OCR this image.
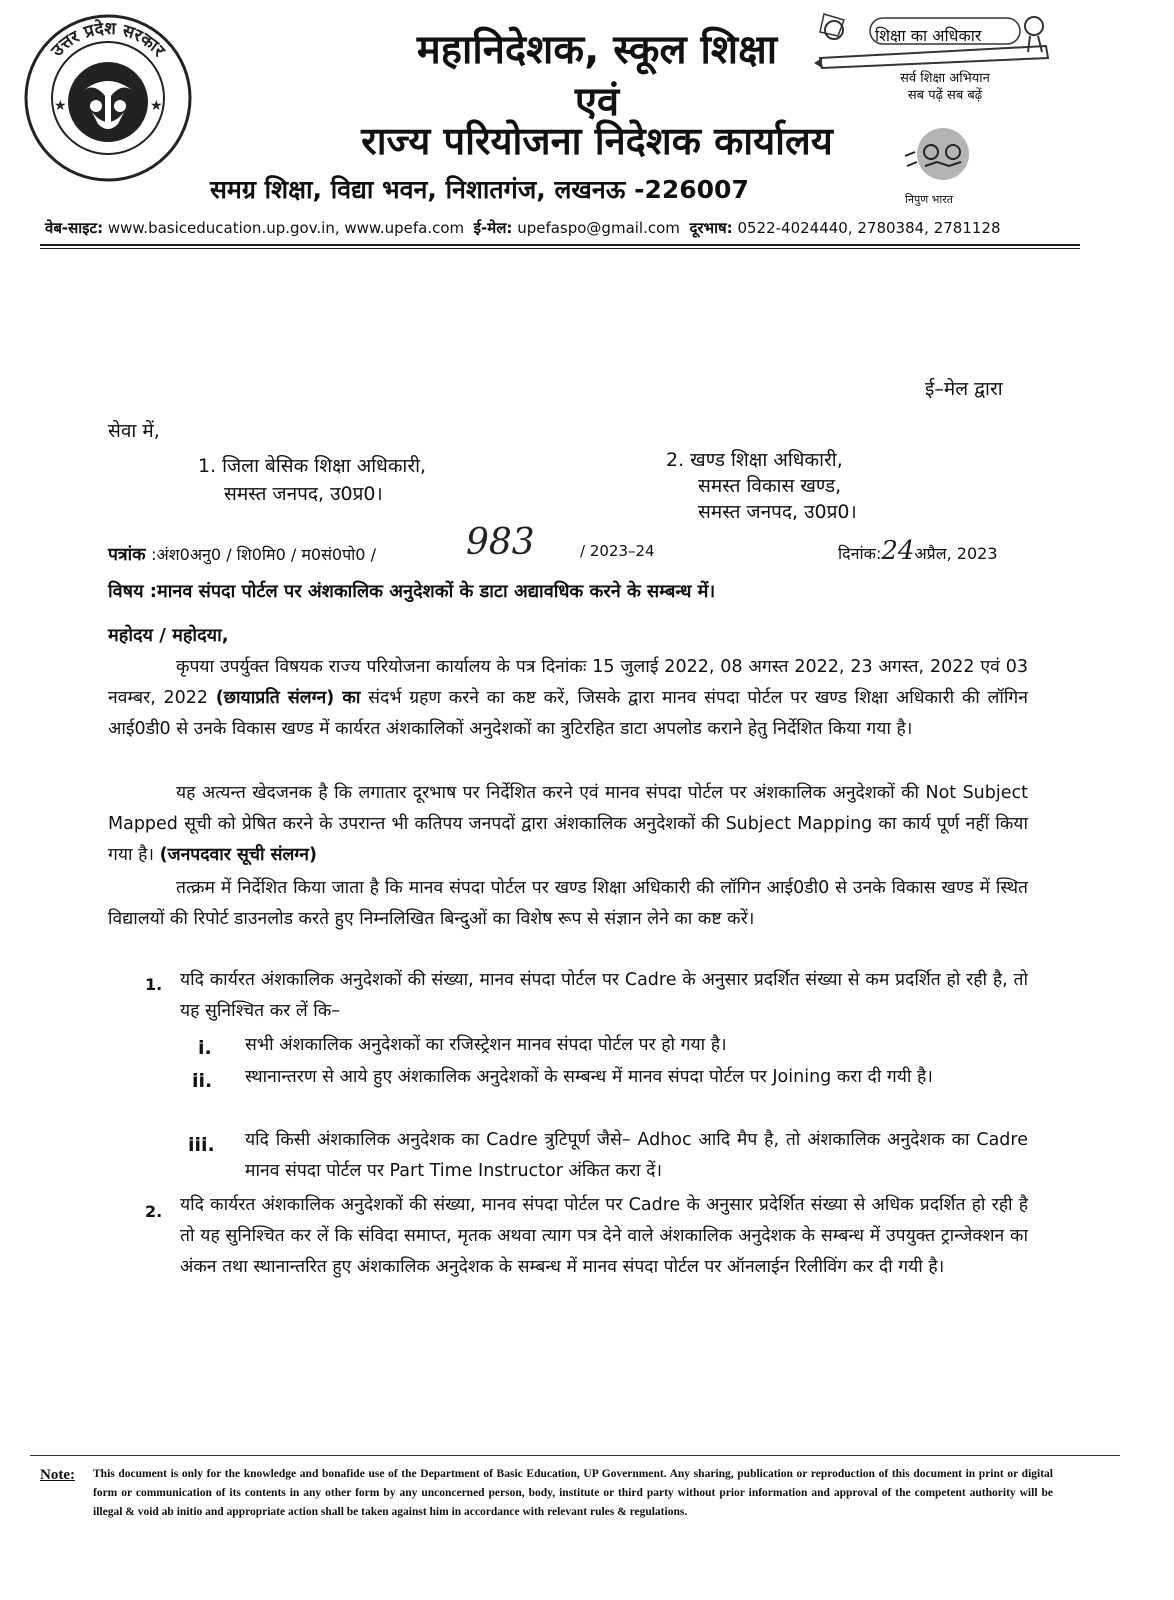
★	★
उत्तर प्रदेश सरकार	महानिदेशक, स्कूल शिक्षा
एवं
राज्य परियोजना निदेशक कार्यालय
समग्र शिक्षा, विद्या भवन, निशातगंज, लखनऊ -226007
वेब-साइट: www.basiceducation.up.gov.in, www.upefa.com ई-मेल: upefaspo@gmail.com दूरभाष: 0522-4024440, 2780384, 2781128
शिक्षा का अधिकार
सर्व शिक्षा अभियान
सब पढ़ें सब बढ़ें
निपुण भारत
ई–मेल द्वारा
सेवा में,
1. जिला बेसिक शिक्षा अधिकारी,
समस्त जनपद, उ0प्र0।
2. खण्ड शिक्षा अधिकारी,
समस्त विकास खण्ड,
समस्त जनपद, उ0प्र0।
पत्रांक :अंश0अनु0 / शि0मि0 / म0सं0पो0 /	983	/ 2023–24	दिनांक:24अप्रैल, 2023
विषय :मानव संपदा पोर्टल पर अंशकालिक अनुदेशकों के डाटा अद्यावधिक करने के सम्बन्ध में।
महोदय / महोदया,
कृपया उपर्युक्त विषयक राज्य परियोजना कार्यालय के पत्र दिनांकः 15 जुलाई 2022, 08 अगस्त 2022, 23 अगस्त, 2022 एवं 03 नवम्बर, 2022 (छायाप्रति संलग्न) का संदर्भ ग्रहण करने का कष्ट करें, जिसके द्वारा मानव संपदा पोर्टल पर खण्ड शिक्षा अधिकारी की लॉगिन आई0डी0 से उनके विकास खण्ड में कार्यरत अंशकालिकों अनुदेशकों का त्रुटिरहित डाटा अपलोड कराने हेतु निर्देशित किया गया है।
यह अत्यन्त खेदजनक है कि लगातार दूरभाष पर निर्देशित करने एवं मानव संपदा पोर्टल पर अंशकालिक अनुदेशकों की Not Subject Mapped सूची को प्रेषित करने के उपरान्त भी कतिपय जनपदों द्वारा अंशकालिक अनुदेशकों की Subject Mapping का कार्य पूर्ण नहीं किया गया है। (जनपदवार सूची संलग्न)
तत्क्रम में निर्देशित किया जाता है कि मानव संपदा पोर्टल पर खण्ड शिक्षा अधिकारी की लॉगिन आई0डी0 से उनके विकास खण्ड में स्थित विद्यालयों की रिपोर्ट डाउनलोड करते हुए निम्नलिखित बिन्दुओं का विशेष रूप से संज्ञान लेने का कष्ट करें।
1. यदि कार्यरत अंशकालिक अनुदेशकों की संख्या, मानव संपदा पोर्टल पर Cadre के अनुसार प्रदर्शित संख्या से कम प्रदर्शित हो रही है, तो यह सुनिश्चित कर लें कि–
i. सभी अंशकालिक अनुदेशकों का रजिस्ट्रेशन मानव संपदा पोर्टल पर हो गया है।
ii. स्थानान्तरण से आये हुए अंशकालिक अनुदेशकों के सम्बन्ध में मानव संपदा पोर्टल पर Joining करा दी गयी है।
iii. यदि किसी अंशकालिक अनुदेशक का Cadre त्रुटिपूर्ण जैसे– Adhoc आदि मैप है, तो अंशकालिक अनुदेशक का Cadre मानव संपदा पोर्टल पर Part Time Instructor अंकित करा दें।
2. यदि कार्यरत अंशकालिक अनुदेशकों की संख्या, मानव संपदा पोर्टल पर Cadre के अनुसार प्रदेर्शित संख्या से अधिक प्रदर्शित हो रही है तो यह सुनिश्चित कर लें कि संविदा समाप्त, मृतक अथवा त्याग पत्र देने वाले अंशकालिक अनुदेशक के सम्बन्ध में उपयुक्त ट्रान्जेक्शन का अंकन तथा स्थानान्तरित हुए अंशकालिक अनुदेशक के सम्बन्ध में मानव संपदा पोर्टल पर ऑनलाईन रिलीविंग कर दी गयी है।
Note: This document is only for the knowledge and bonafide use of the Department of Basic Education, UP Government. Any sharing, publication or reproduction of this document in print or digital form or communication of its contents in any other form by any unconcerned person, body, institute or third party without prior information and approval of the competent authority will be illegal & void ab initio and appropriate action shall be taken against him in accordance with relevant rules & regulations.
